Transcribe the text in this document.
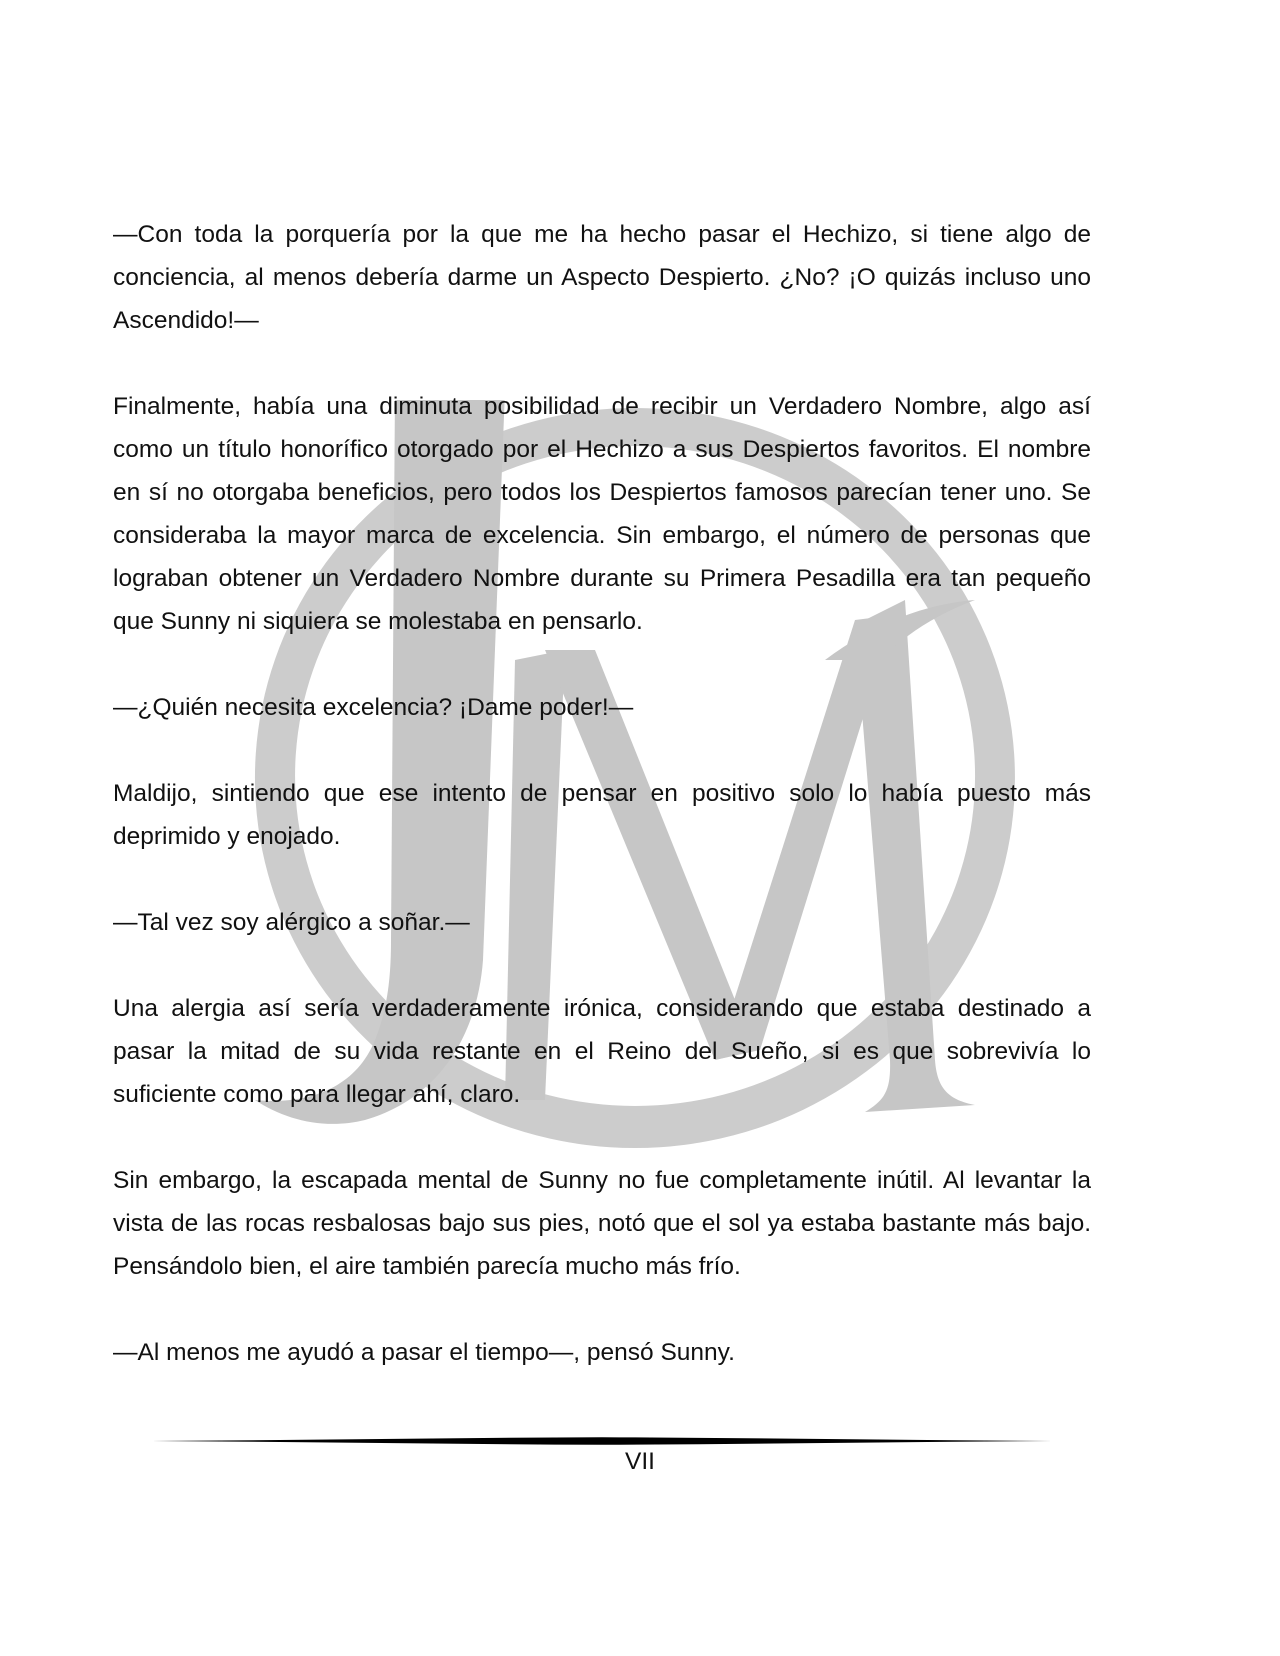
—Con toda la porquería por la que me ha hecho pasar el Hechizo, si tiene algo de conciencia, al menos debería darme un Aspecto Despierto. ¿No? ¡O quizás incluso uno Ascendido!—

Finalmente, había una diminuta posibilidad de recibir un Verdadero Nombre, algo así como un título honorífico otorgado por el Hechizo a sus Despiertos favoritos. El nombre en sí no otorgaba beneficios, pero todos los Despiertos famosos parecían tener uno. Se consideraba la mayor marca de excelencia. Sin embargo, el número de personas que lograban obtener un Verdadero Nombre durante su Primera Pesadilla era tan pequeño que Sunny ni siquiera se molestaba en pensarlo.

—¿Quién necesita excelencia? ¡Dame poder!—

Maldijo, sintiendo que ese intento de pensar en positivo solo lo había puesto más deprimido y enojado.

—Tal vez soy alérgico a soñar.—

Una alergia así sería verdaderamente irónica, considerando que estaba destinado a pasar la mitad de su vida restante en el Reino del Sueño, si es que sobrevivía lo suficiente como para llegar ahí, claro.

Sin embargo, la escapada mental de Sunny no fue completamente inútil. Al levantar la vista de las rocas resbalosas bajo sus pies, notó que el sol ya estaba bastante más bajo. Pensándolo bien, el aire también parecía mucho más frío.

—Al menos me ayudó a pasar el tiempo—, pensó Sunny.

VII
